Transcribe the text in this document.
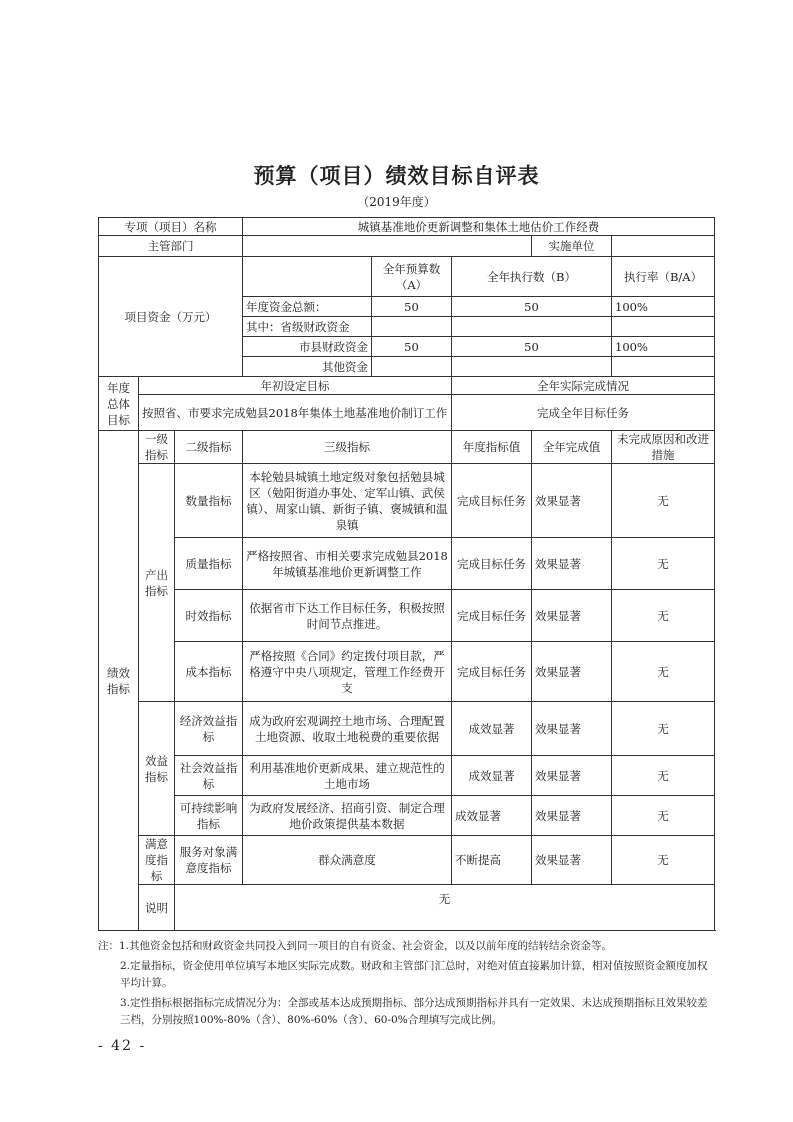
预算（项目）绩效目标自评表
（2019年度）
专项（项目）名称			城镇基准地价更新调整和集体土地估价工作经费				
主管部门						实施单位	
项目资金（万元）				全年预算数（A）	全年执行数（B）		执行率（B/A）
			年度资金总额：	50	50		100%
			其中：省级财政资金				
			市县财政资金	50	50		100%
			其他资金				
年度总体目标	年初设定目标				全年实际完成情况		
	按照省、市要求完成勉县2018年集体土地基准地价制订工作				完成全年目标任务		
绩效指标	一级指标	二级指标	三级指标		年度指标值	全年完成值	未完成原因和改进措施
	产出指标	数量指标	本轮勉县城镇土地定级对象包括勉县城区（勉阳街道办事处、定军山镇、武侯镇）、周家山镇、新街子镇、褒城镇和温泉镇		完成目标任务	效果显著	无
		质量指标	严格按照省、市相关要求完成勉县2018年城镇基准地价更新调整工作		完成目标任务	效果显著	无
		时效指标	依据省市下达工作目标任务，积极按照时间节点推进。		完成目标任务	效果显著	无
		成本指标	严格按照《合同》约定拨付项目款，严格遵守中央八项规定，管理工作经费开支		完成目标任务	效果显著	无
	效益指标	经济效益指标	成为政府宏观调控土地市场、合理配置土地资源、收取土地税费的重要依据		成效显著	效果显著	无
		社会效益指标	利用基准地价更新成果、建立规范性的土地市场		成效显著	效果显著	无
		可持续影响指标	为政府发展经济、招商引资、制定合理地价政策提供基本数据		成效显著	效果显著	无
	满意度指标	服务对象满意度指标	群众满意度		不断提高	效果显著	无
	说明	无					

注：1.其他资金包括和财政资金共同投入到同一项目的自有资金、社会资金，以及以前年度的结转结余资金等。

2.定量指标，资金使用单位填写本地区实际完成数。财政和主管部门汇总时，对绝对值直接累加计算，相对值按照资金额度加权平均计算。

3.定性指标根据指标完成情况分为：全部或基本达成预期指标、部分达成预期指标并具有一定效果、未达成预期指标且效果较差三档，分别按照100%-80%（含）、80%-60%（含）、60-0%合理填写完成比例。

- 42 -
